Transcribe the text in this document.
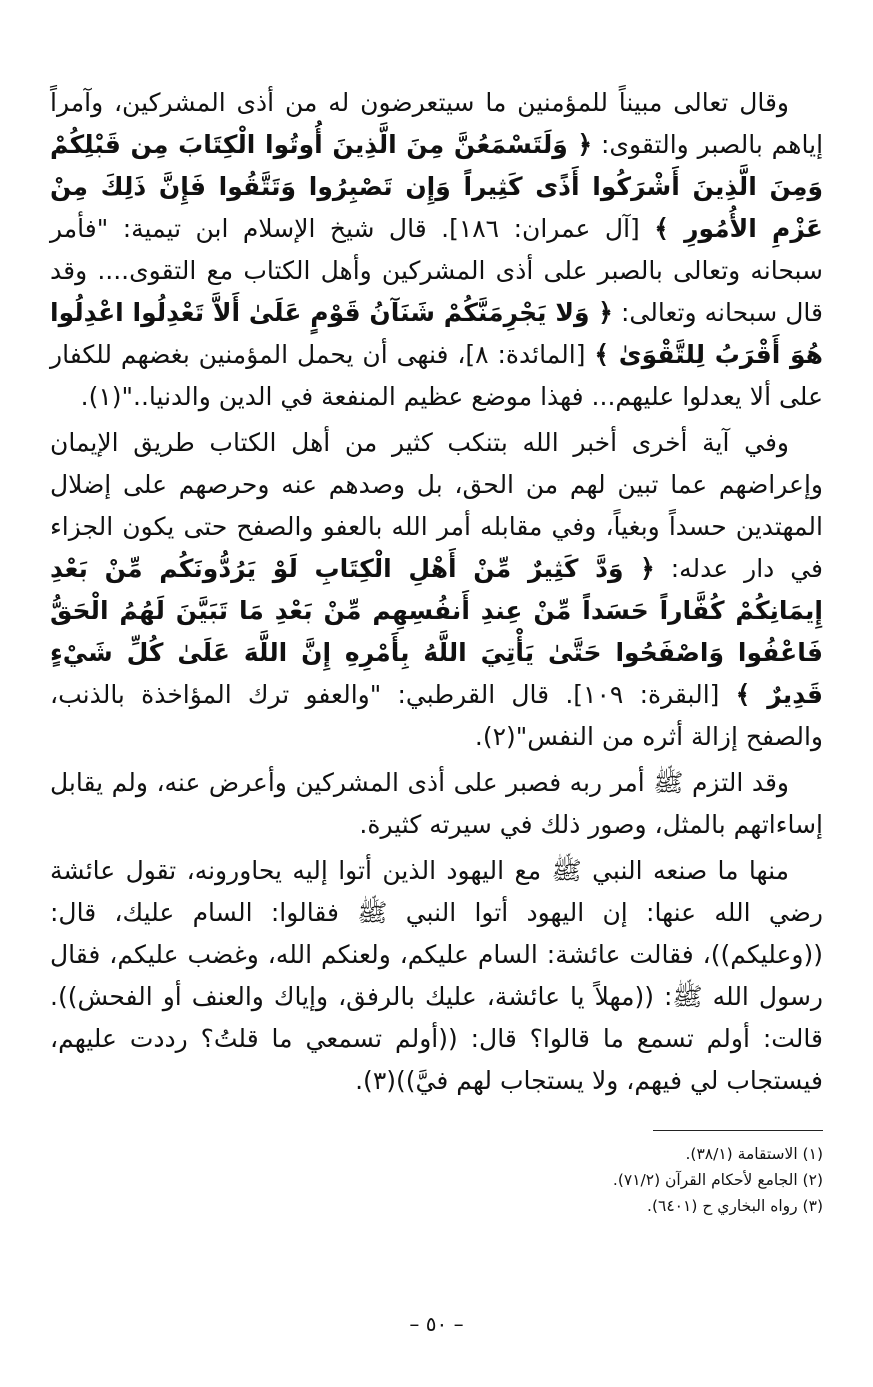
وقال تعالى مبيناً للمؤمنين ما سيتعرضون له من أذى المشركين، وآمراً إياهم بالصبر والتقوى: ﴿ وَلَتَسْمَعُنَّ مِنَ الَّذِينَ أُوتُوا الْكِتَابَ مِن قَبْلِكُمْ وَمِنَ الَّذِينَ أَشْرَكُوا أَذًى كَثِيراً وَإِن تَصْبِرُوا وَتَتَّقُوا فَإِنَّ ذَلِكَ مِنْ عَزْمِ الأُمُورِ ﴾ [آل عمران: ١٨٦]. قال شيخ الإسلام ابن تيمية: "فأمر سبحانه وتعالى بالصبر على أذى المشركين وأهل الكتاب مع التقوى.... وقد قال سبحانه وتعالى: ﴿ وَلا يَجْرِمَنَّكُمْ شَنَآنُ قَوْمٍ عَلَىٰ أَلاَّ تَعْدِلُوا اعْدِلُوا هُوَ أَقْرَبُ لِلتَّقْوَىٰ ﴾ [المائدة: ٨]، فنهى أن يحمل المؤمنين بغضهم للكفار على ألا يعدلوا عليهم... فهذا موضع عظيم المنفعة في الدين والدنيا.."(١).

وفي آية أخرى أخبر الله بتنكب كثير من أهل الكتاب طريق الإيمان وإعراضهم عما تبين لهم من الحق، بل وصدهم عنه وحرصهم على إضلال المهتدين حسداً وبغياً، وفي مقابله أمر الله بالعفو والصفح حتى يكون الجزاء في دار عدله: ﴿ وَدَّ كَثِيرٌ مِّنْ أَهْلِ الْكِتَابِ لَوْ يَرُدُّونَكُم مِّنْ بَعْدِ إِيمَانِكُمْ كُفَّاراً حَسَداً مِّنْ عِندِ أَنفُسِهِم مِّنْ بَعْدِ مَا تَبَيَّنَ لَهُمُ الْحَقُّ فَاعْفُوا وَاصْفَحُوا حَتَّىٰ يَأْتِيَ اللَّهُ بِأَمْرِهِ إِنَّ اللَّهَ عَلَىٰ كُلِّ شَيْءٍ قَدِيرٌ ﴾ [البقرة: ١٠٩]. قال القرطبي: "والعفو ترك المؤاخذة بالذنب، والصفح إزالة أثره من النفس"(٢).

وقد التزم ﷺ أمر ربه فصبر على أذى المشركين وأعرض عنه، ولم يقابل إساءاتهم بالمثل، وصور ذلك في سيرته كثيرة.

منها ما صنعه النبي ﷺ مع اليهود الذين أتوا إليه يحاورونه، تقول عائشة رضي الله عنها: إن اليهود أتوا النبي ﷺ فقالوا: السام عليك، قال: ((وعليكم))، فقالت عائشة: السام عليكم، ولعنكم الله، وغضب عليكم، فقال رسول الله ﷺ: ((مهلاً يا عائشة، عليك بالرفق، وإياك والعنف أو الفحش)). قالت: أولم تسمع ما قالوا؟ قال: ((أولم تسمعي ما قلتُ؟ رددت عليهم، فيستجاب لي فيهم، ولا يستجاب لهم فيَّ))(٣).

(١) الاستقامة (٣٨/١).

(٢) الجامع لأحكام القرآن (٧١/٢).

(٣) رواه البخاري ح (٦٤٠١).

– ٥٠ –
